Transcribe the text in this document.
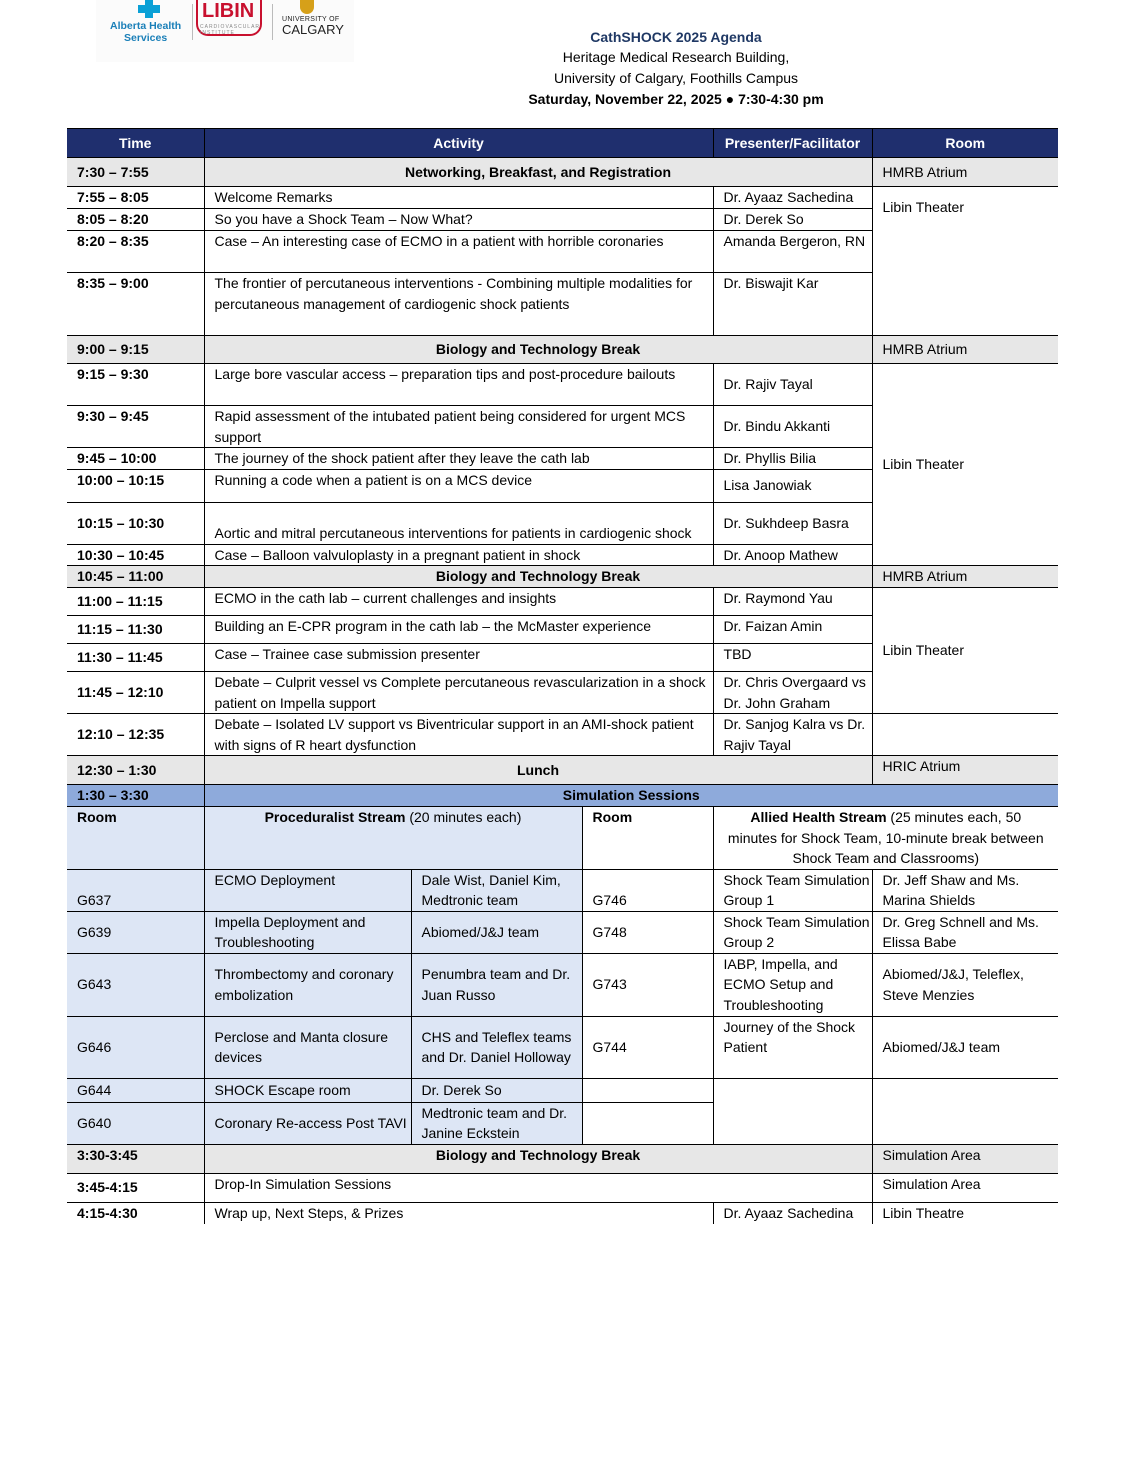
Alberta Health
Services
LIBIN
CARDIOVASCULAR INSTITUTE
UNIVERSITY OF
CALGARY	CathSHOCK 2025 Agenda
Heritage Medical Research Building,
University of Calgary, Foothills Campus
Saturday, November 22, 2025 ● 7:30-4:30 pm
Time	Activity			Presenter/Facilitator	Room
7:30 – 7:55	Networking, Breakfast, and Registration				HMRB Atrium
7:55 – 8:05	Welcome Remarks			Dr. Ayaaz Sachedina	Libin Theater
8:05 – 8:20	So you have a Shock Team – Now What?			Dr. Derek So	
8:20 – 8:35	Case – An interesting case of ECMO in a patient with horrible coronaries			Amanda Bergeron, RN	
8:35 – 9:00	The frontier of percutaneous interventions - Combining multiple modalities for percutaneous management of cardiogenic shock patients			Dr. Biswajit Kar	
9:00 – 9:15	Biology and Technology Break				HMRB Atrium
9:15 – 9:30	Large bore vascular access – preparation tips and post-procedure bailouts			Dr. Rajiv Tayal	Libin Theater
9:30 – 9:45	Rapid assessment of the intubated patient being considered for urgent MCS support			Dr. Bindu Akkanti	
9:45 – 10:00	The journey of the shock patient after they leave the cath lab			Dr. Phyllis Bilia	
10:00 – 10:15	Running a code when a patient is on a MCS device			Lisa Janowiak	
10:15 – 10:30	Aortic and mitral percutaneous interventions for patients in cardiogenic shock			Dr. Sukhdeep Basra	
10:30 – 10:45	Case – Balloon valvuloplasty in a pregnant patient in shock			Dr. Anoop Mathew	
10:45 – 11:00	Biology and Technology Break				HMRB Atrium
11:00 – 11:15	ECMO in the cath lab – current challenges and insights			Dr. Raymond Yau	Libin Theater
11:15 – 11:30	Building an E-CPR program in the cath lab – the McMaster experience			Dr. Faizan Amin	
11:30 – 11:45	Case – Trainee case submission presenter			TBD	
11:45 – 12:10	Debate – Culprit vessel vs Complete percutaneous revascularization in a shock patient on Impella support			Dr. Chris Overgaard vs Dr. John Graham	
12:10 – 12:35	Debate – Isolated LV support vs Biventricular support in an AMI-shock patient with signs of R heart dysfunction			Dr. Sanjog Kalra vs Dr. Rajiv Tayal	
12:30 – 1:30	Lunch				HRIC Atrium
1:30 – 3:30	Simulation Sessions				
Room	Proceduralist Stream (20 minutes each)		Room	Allied Health Stream (25 minutes each, 50 minutes for Shock Team, 10-minute break between Shock Team and Classrooms)	
G637	ECMO Deployment	Dale Wist, Daniel Kim, Medtronic team	G746	Shock Team Simulation Group 1	Dr. Jeff Shaw and Ms. Marina Shields
G639	Impella Deployment and Troubleshooting	Abiomed/J&J team	G748	Shock Team Simulation Group 2	Dr. Greg Schnell and Ms. Elissa Babe
G643	Thrombectomy and coronary embolization	Penumbra team and Dr. Juan Russo	G743	IABP, Impella, and ECMO Setup and Troubleshooting	Abiomed/J&J, Teleflex, Steve Menzies
G646	Perclose and Manta closure devices	CHS and Teleflex teams and Dr. Daniel Holloway	G744	Journey of the Shock Patient	Abiomed/J&J team
G644	SHOCK Escape room	Dr. Derek So			
G640	Coronary Re-access Post TAVI	Medtronic team and Dr. Janine Eckstein			
3:30-3:45	Biology and Technology Break				Simulation Area
3:45-4:15	Drop-In Simulation Sessions				Simulation Area
4:15-4:30	Wrap up, Next Steps, & Prizes			Dr. Ayaaz Sachedina	Libin Theatre
